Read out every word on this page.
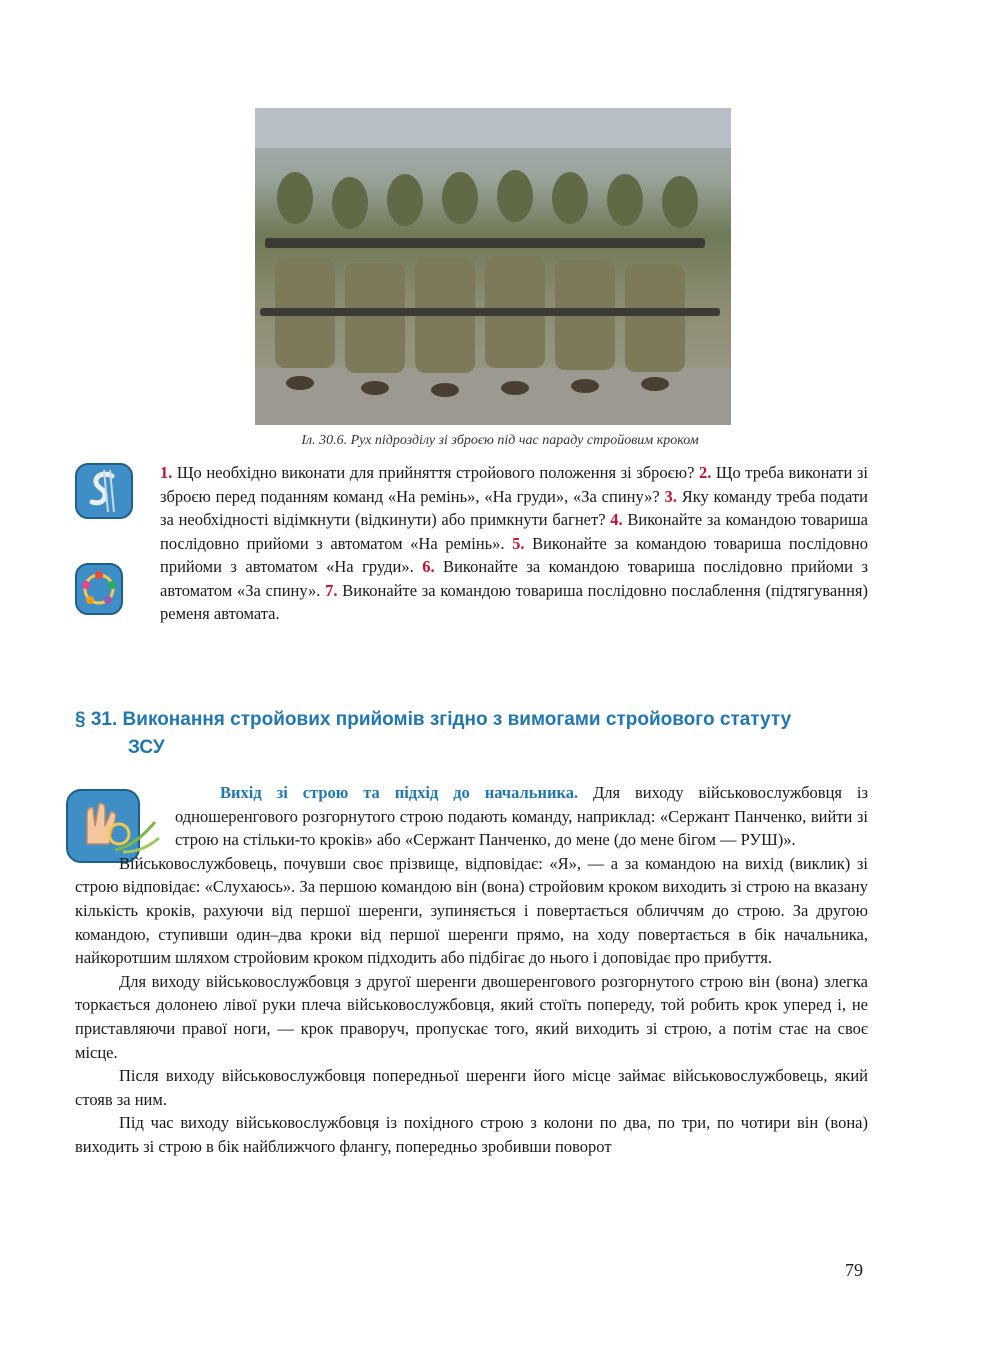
Іл. 30.6. Рух підрозділу зі зброєю під час параду стройовим кроком
1. Що необхідно виконати для прийняття стройового положення зі зброєю? 2. Що треба виконати зі зброєю перед поданням команд «На ремінь», «На груди», «За спину»? 3. Яку команду треба подати за необхідності відімкнути (відкинути) або примкнути багнет? 4. Виконайте за командою товариша послідовно прийоми з автоматом «На ремінь». 5. Виконайте за командою товариша послідовно прийоми з автоматом «На груди». 6. Виконайте за командою товариша послідовно прийоми з автоматом «За спину». 7. Виконайте за командою товариша послідовно послаблення (підтягування) ременя автомата.
§ 31. Виконання стройових прийомів згідно з вимогами стройового статуту
ЗСУ
Вихід зі строю та підхід до начальника. Для виходу військовослужбовця із одношеренгового розгорнутого строю подають команду, наприклад: «Сержант Панченко, вийти зі строю на стільки-то кроків» або «Сержант Панченко, до мене (до мене бігом — РУШ)».

Військовослужбовець, почувши своє прізвище, відповідає: «Я», — а за командою на вихід (виклик) зі строю відповідає: «Слухаюсь». За першою командою він (вона) стройовим кроком виходить зі строю на вказану кількість кроків, рахуючи від першої шеренги, зупиняється і повертається обличчям до строю. За другою командою, ступивши один–два кроки від першої шеренги прямо, на ходу повертається в бік начальника, найкоротшим шляхом стройовим кроком підходить або підбігає до нього і доповідає про прибуття.

Для виходу військовослужбовця з другої шеренги двошеренгового розгорнутого строю він (вона) злегка торкається долонею лівої руки плеча військовослужбовця, який стоїть попереду, той робить крок уперед і, не приставляючи правої ноги, — крок праворуч, пропускає того, який виходить зі строю, а потім стає на своє місце.

Після виходу військовослужбовця попередньої шеренги його місце займає військовослужбовець, який стояв за ним.

Під час виходу військовослужбовця із похідного строю з колони по два, по три, по чотири він (вона) виходить зі строю в бік найближчого флангу, попередньо зробивши поворот

79
